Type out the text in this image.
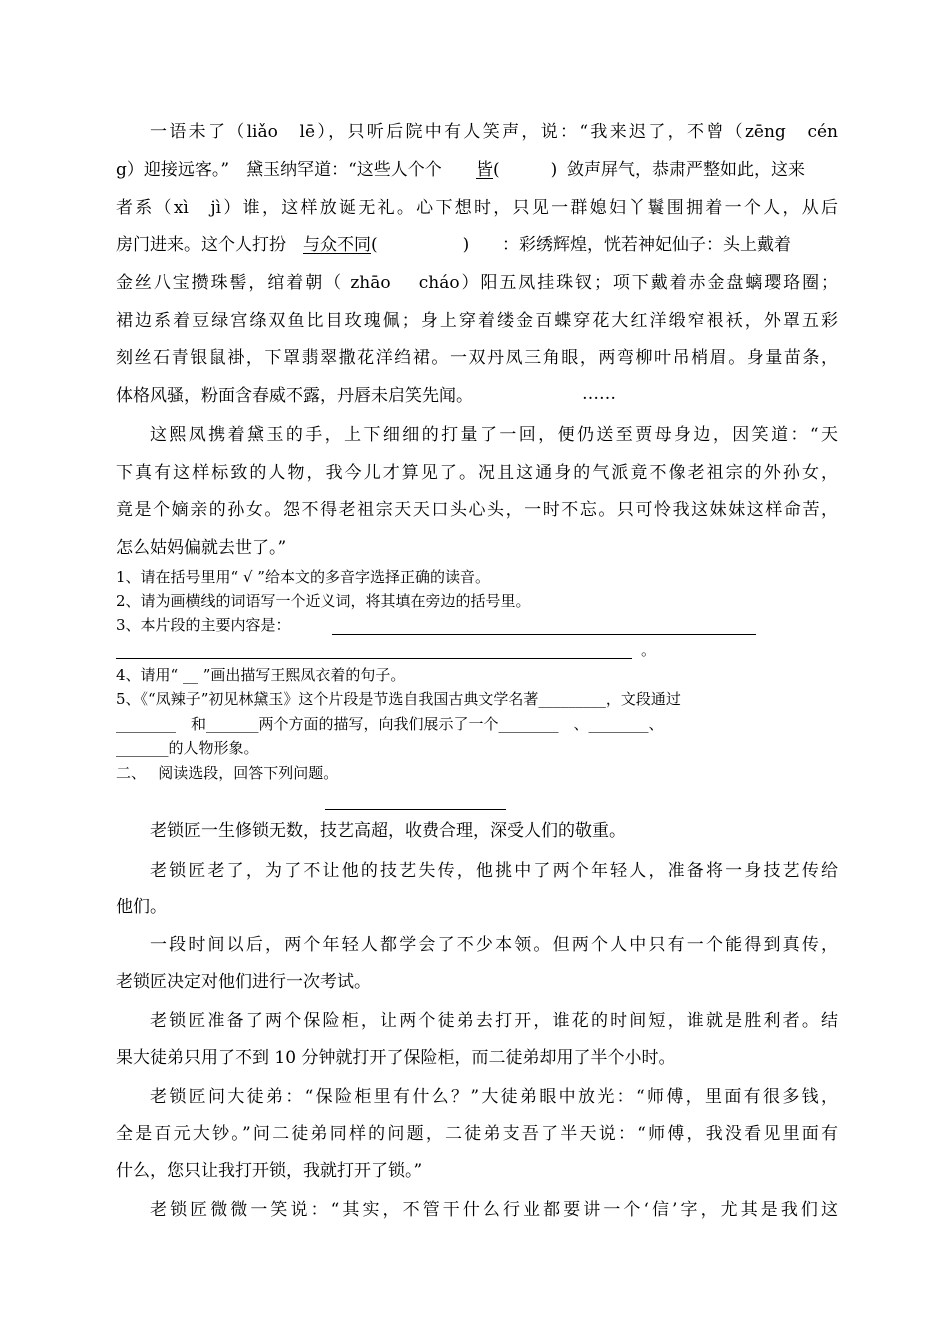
一语未了（liǎo　lē），只听后院中有人笑声，说：“我来迟了，不曾（zēng　cén
g）迎接远客。”　黛玉纳罕道：“这些人个个 皆(　　　) 敛声屏气，恭肃严整如此，这来
者系（xì　jì）谁，这样放诞无礼。心下想时，只见一群媳妇丫鬟围拥着一个人，从后
房门进来。这个人打扮 与众不同(　　　　　) ：彩绣辉煌，恍若神妃仙子：头上戴着
金丝八宝攒珠髻，绾着朝（ zhāo　 cháo）阳五凤挂珠钗；项下戴着赤金盘螭璎珞圈；
裙边系着豆绿宫绦双鱼比目玫瑰佩；身上穿着缕金百蝶穿花大红洋缎窄裉袄，外罩五彩
刻丝石青银鼠褂，下罩翡翠撒花洋绉裙。一双丹凤三角眼，两弯柳叶吊梢眉。身量苗条，
体格风骚，粉面含春威不露，丹唇未启笑先闻。	……
这熙凤携着黛玉的手，上下细细的打量了一回，便仍送至贾母身边，因笑道：“天
下真有这样标致的人物，我今儿才算见了。况且这通身的气派竟不像老祖宗的外孙女，
竟是个嫡亲的孙女。怨不得老祖宗天天口头心头，一时不忘。只可怜我这妹妹这样命苦，
怎么姑妈偏就去世了。”
1、请在括号里用“ √ ”给本文的多音字选择正确的读音。
2、请为画横线的词语写一个近义词，将其填在旁边的括号里。
3、本片段的主要内容是：
。
4、请用“ __ ”画出描写王熙凤衣着的句子。
5、《“凤辣子”初见林黛玉》这个片段是节选自我国古典文学名著_________，文段通过
________　和_______两个方面的描写，向我们展示了一个________　、________、
_______的人物形象。
二、　 阅读选段，回答下列问题。
老锁匠一生修锁无数，技艺高超，收费合理，深受人们的敬重。
老锁匠老了，为了不让他的技艺失传，他挑中了两个年轻人，准备将一身技艺传给
他们。
一段时间以后，两个年轻人都学会了不少本领。但两个人中只有一个能得到真传，
老锁匠决定对他们进行一次考试。
老锁匠准备了两个保险柜，让两个徒弟去打开，谁花的时间短，谁就是胜利者。结
果大徒弟只用了不到 10 分钟就打开了保险柜，而二徒弟却用了半个小时。
老锁匠问大徒弟：“保险柜里有什么？”大徒弟眼中放光：“师傅，里面有很多钱，
全是百元大钞。”问二徒弟同样的问题，二徒弟支吾了半天说：“师傅，我没看见里面有
什么，您只让我打开锁，我就打开了锁。”
老锁匠微微一笑说：“其实，不管干什么行业都要讲一个‘信’字，尤其是我们这
